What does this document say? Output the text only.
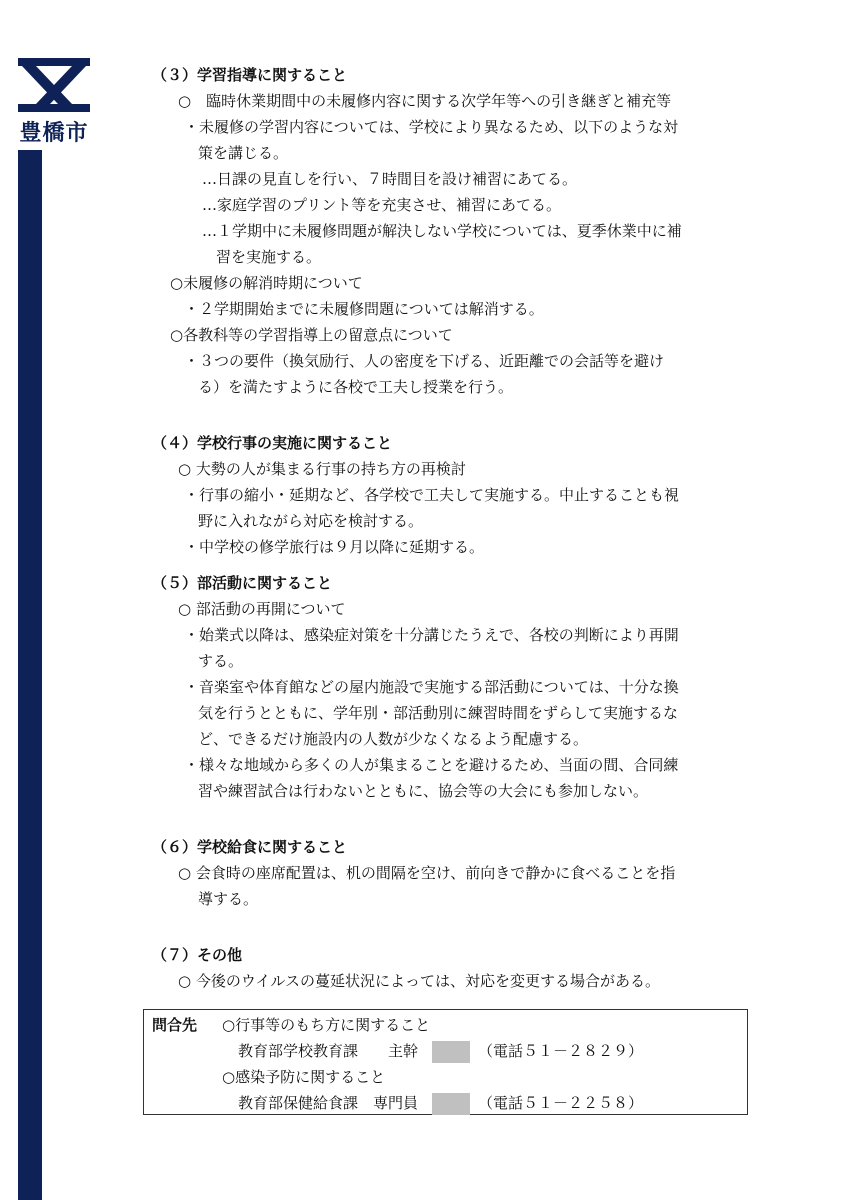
豊橋市
（３）学習指導に関すること
○　臨時休業期間中の未履修内容に関する次学年等への引き継ぎと補充等
・未履修の学習内容については、学校により異なるため、以下のような対
策を講じる。
…日課の見直しを行い、７時間目を設け補習にあてる。
…家庭学習のプリント等を充実させ、補習にあてる。
…１学期中に未履修問題が解決しない学校については、夏季休業中に補
習を実施する。
○未履修の解消時期について
・２学期開始までに未履修問題については解消する。
○各教科等の学習指導上の留意点について
・３つの要件（換気励行、人の密度を下げる、近距離での会話等を避け
る）を満たすように各校で工夫し授業を行う。
（４）学校行事の実施に関すること
○ 大勢の人が集まる行事の持ち方の再検討
・行事の縮小・延期など、各学校で工夫して実施する。中止することも視
野に入れながら対応を検討する。
・中学校の修学旅行は９月以降に延期する。
（５）部活動に関すること
○ 部活動の再開について
・始業式以降は、感染症対策を十分講じたうえで、各校の判断により再開
する。
・音楽室や体育館などの屋内施設で実施する部活動については、十分な換
気を行うとともに、学年別・部活動別に練習時間をずらして実施するな
ど、できるだけ施設内の人数が少なくなるよう配慮する。
・様々な地域から多くの人が集まることを避けるため、当面の間、合同練
習や練習試合は行わないとともに、協会等の大会にも参加しない。
（６）学校給食に関すること
○ 会食時の座席配置は、机の間隔を空け、前向きで静かに食べることを指
導する。
（７）その他
○ 今後のウイルスの蔓延状況によっては、対応を変更する場合がある。
問合先 ○行事等のもち方に関すること
教育部学校教育課　　主幹	（電話５１－２８２９）
○感染予防に関すること
教育部保健給食課　専門員	（電話５１－２２５８）
